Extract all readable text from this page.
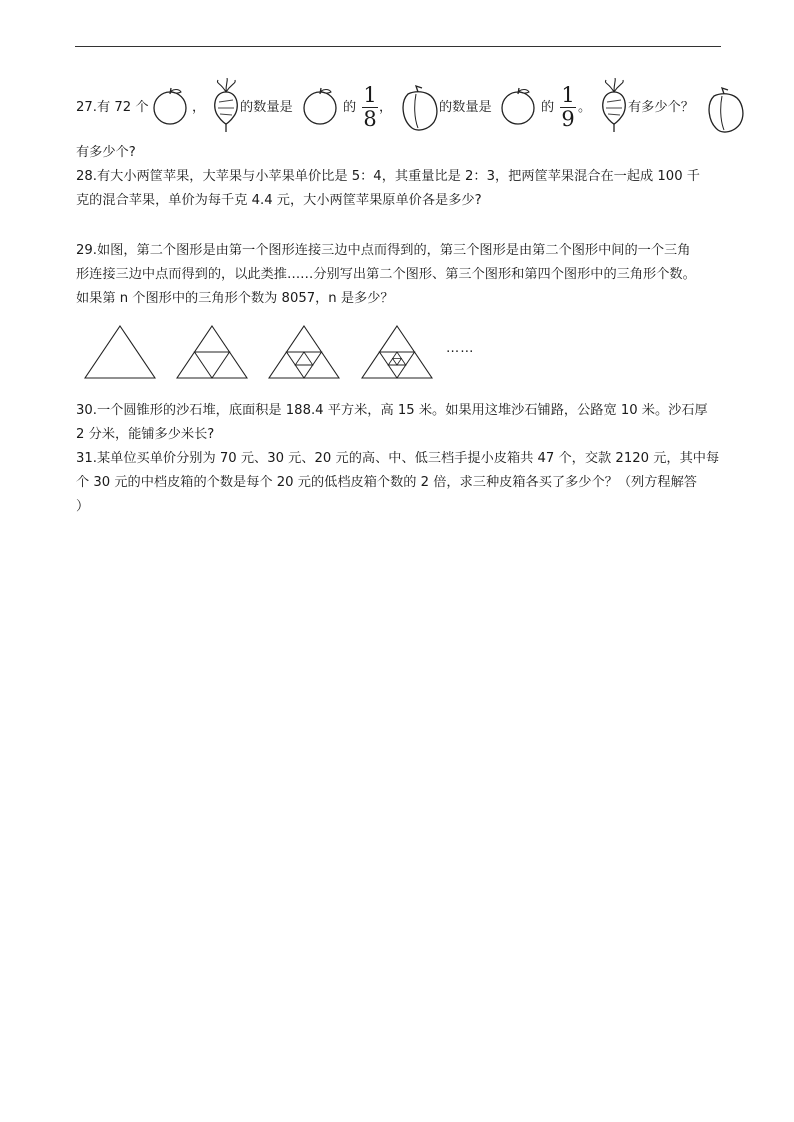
27.有 72 个	，	的数量是	的
1
8 ，	的数量是	的
1
9 。	有多少个？
有多少个?
28.有大小两筐苹果，大苹果与小苹果单价比是 5：4，其重量比是 2：3，把两筐苹果混合在一起成 100 千
克的混合苹果，单价为每千克 4.4 元，大小两筐苹果原单价各是多少?
29.如图，第二个图形是由第一个图形连接三边中点而得到的，第三个图形是由第二个图形中间的一个三角
形连接三边中点而得到的，以此类推……分别写出第二个图形、第三个图形和第四个图形中的三角形个数。
如果第 n 个图形中的三角形个数为 8057，n 是多少？
……
30.一个圆锥形的沙石堆，底面积是 188.4 平方米，高 15 米。如果用这堆沙石铺路，公路宽 10 米。沙石厚
2 分米，能铺多少米长?
31.某单位买单价分别为 70 元、30 元、20 元的高、中、低三档手提小皮箱共 47 个，交款 2120 元，其中每
个 30 元的中档皮箱的个数是每个 20 元的低档皮箱个数的 2 倍，求三种皮箱各买了多少个？（列方程解答
）
